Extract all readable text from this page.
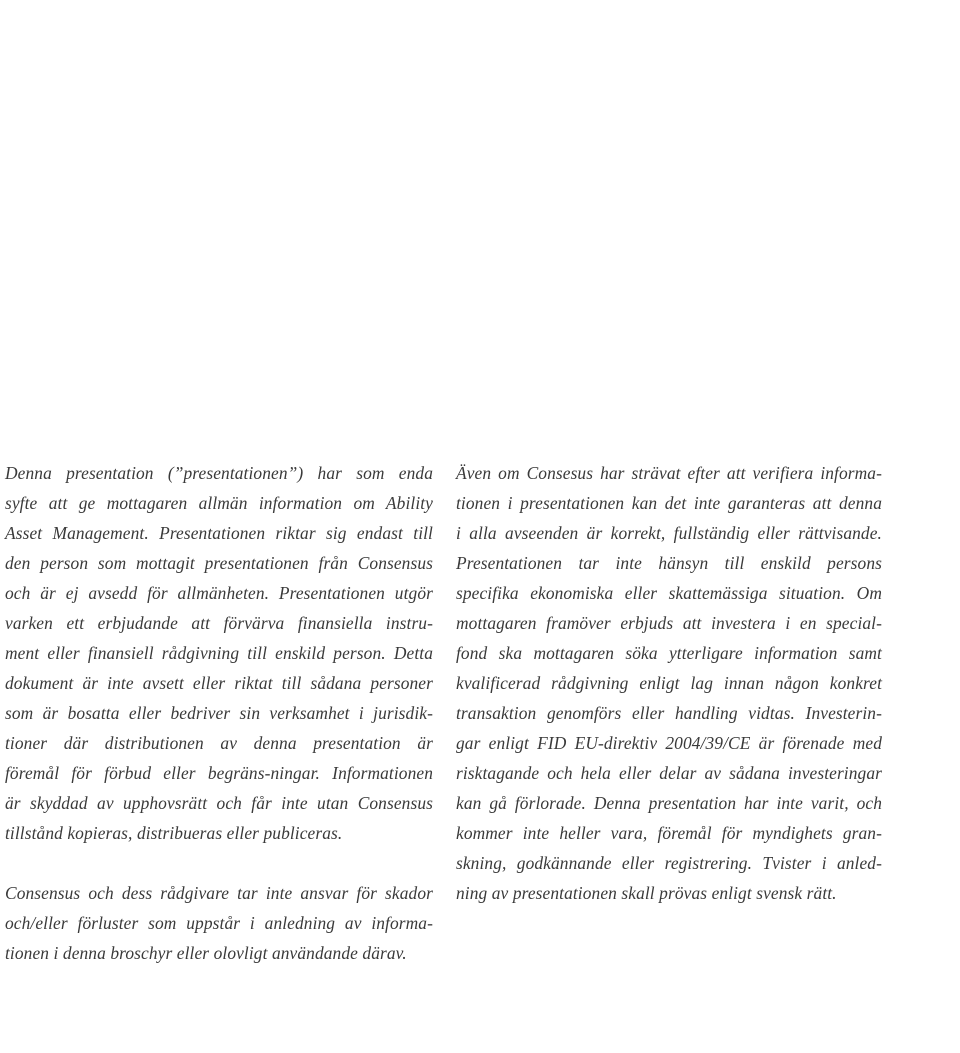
Denna presentation (”presentationen”) har som enda
syfte att ge mottagaren allmän information om Ability
Asset Management. Presentationen riktar sig endast till
den person som mottagit presentationen från Consensus
och är ej avsedd för allmänheten. Presentationen utgör
varken ett erbjudande att förvärva finansiella instru-
ment eller finansiell rådgivning till enskild person. Detta
dokument är inte avsett eller riktat till sådana personer
som är bosatta eller bedriver sin verksamhet i jurisdik-
tioner där distributionen av denna presentation är
föremål för förbud eller begräns-ningar. Informationen
är skyddad av upphovsrätt och får inte utan Consensus
tillstånd kopieras, distribueras eller publiceras.
Consensus och dess rådgivare tar inte ansvar för skador
och/eller förluster som uppstår i anledning av informa-
tionen i denna broschyr eller olovligt användande därav.
Även om Consesus har strävat efter att verifiera informa-
tionen i presentationen kan det inte garanteras att denna
i alla avseenden är korrekt, fullständig eller rättvisande.
Presentationen tar inte hänsyn till enskild persons
specifika ekonomiska eller skattemässiga situation. Om
mottagaren framöver erbjuds att investera i en special-
fond ska mottagaren söka ytterligare information samt
kvalificerad rådgivning enligt lag innan någon konkret
transaktion genomförs eller handling vidtas. Investerin-
gar enligt FID EU-direktiv 2004/39/CE är förenade med
risktagande och hela eller delar av sådana investeringar
kan gå förlorade. Denna presentation har inte varit, och
kommer inte heller vara, föremål för myndighets gran-
skning, godkännande eller registrering. Tvister i anled-
ning av presentationen skall prövas enligt svensk rätt.
